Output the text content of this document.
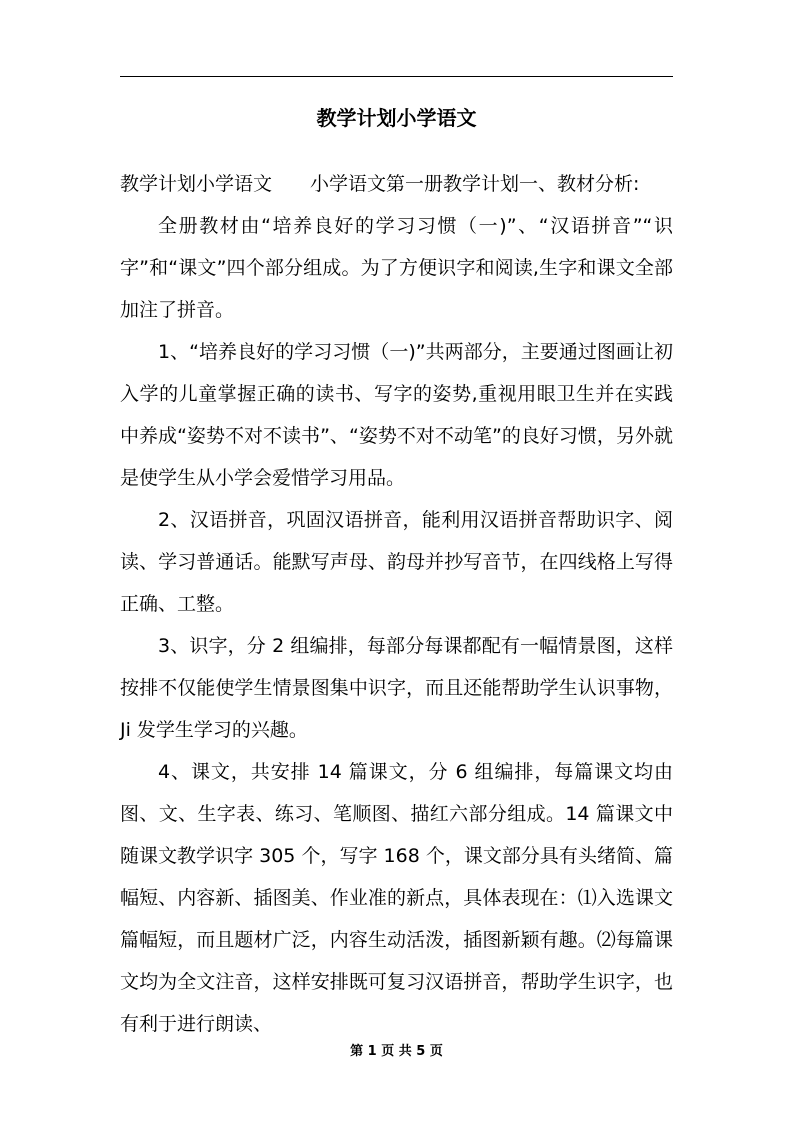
教学计划小学语文

教学计划小学语文　　小学语文第一册教学计划一、教材分析:

全册教材由“培养良好的学习习惯（一)”、“汉语拼音”“识字”和“课文”四个部分组成。为了方便识字和阅读,生字和课文全部加注了拼音。

1、“培养良好的学习习惯（一)”共两部分，主要通过图画让初入学的儿童掌握正确的读书、写字的姿势,重视用眼卫生并在实践中养成“姿势不对不读书”、“姿势不对不动笔”的良好习惯，另外就是使学生从小学会爱惜学习用品。

2、汉语拼音，巩固汉语拼音，能利用汉语拼音帮助识字、阅读、学习普通话。能默写声母、韵母并抄写音节，在四线格上写得正确、工整。

3、识字，分 2 组编排，每部分每课都配有一幅情景图，这样按排不仅能使学生情景图集中识字，而且还能帮助学生认识事物，Ji 发学生学习的兴趣。

4、课文，共安排 14 篇课文，分 6 组编排，每篇课文均由图、文、生字表、练习、笔顺图、描红六部分组成。14 篇课文中随课文教学识字 305 个，写字 168 个，课文部分具有头绪简、篇幅短、内容新、插图美、作业准的新点，具体表现在：⑴入选课文篇幅短，而且题材广泛，内容生动活泼，插图新颖有趣。⑵每篇课文均为全文注音，这样安排既可复习汉语拼音，帮助学生识字，也有利于进行朗读、

第 1 页 共 5 页
